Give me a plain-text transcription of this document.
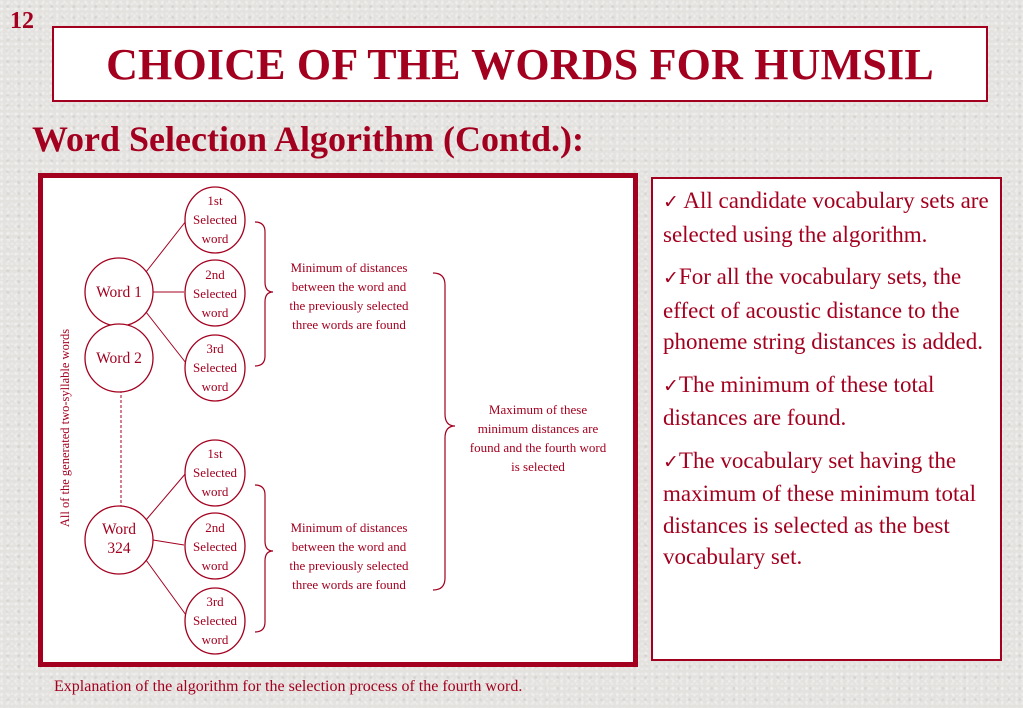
12
CHOICE OF THE WORDS FOR HUMSIL
Word Selection Algorithm (Contd.):
All of the generated two-syllable words
Word 1
Word 2
Word
324
1st
Selected
word
2nd
Selected
word
3rd
Selected
word
Minimum of distances
between the word and
the previously selected
three words are found
1st
Selected
word
2nd
Selected
word
3rd
Selected
word
Minimum of distances
between the word and
the previously selected
three words are found
Maximum of these
minimum distances are
found and the fourth word
is selected
✓ All candidate vocabulary sets are selected using the algorithm.
✓For all the vocabulary sets, the effect of acoustic distance to the phoneme string distances is added.
✓The minimum of these total distances are found.
✓The vocabulary set having the maximum of these minimum total distances is selected as the best vocabulary set.
Explanation of the algorithm for the selection process of the fourth word.
